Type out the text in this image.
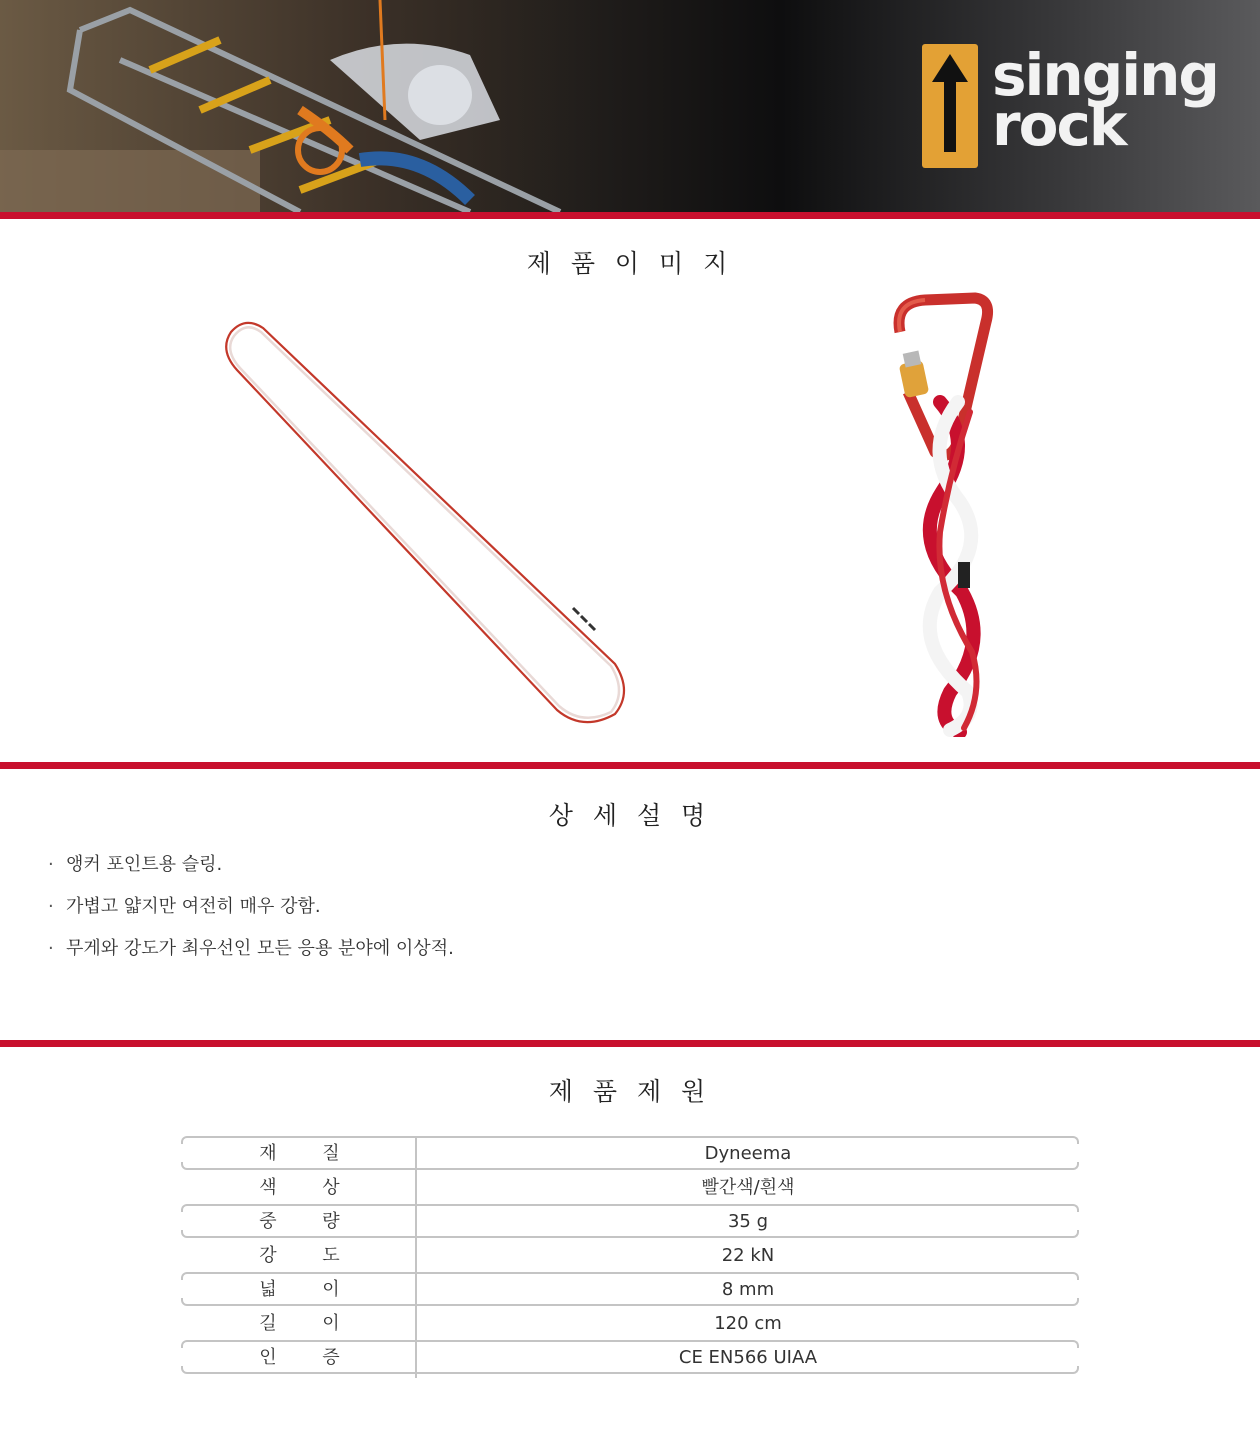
singing
rock
제 품 이 미 지
상 세 설 명
· 앵커 포인트용 슬링.
· 가볍고 얇지만 여전히 매우 강함.
· 무게와 강도가 최우선인 모든 응용 분야에 이상적.
제 품 제 원
재	질	Dyneema
색	상	빨간색/흰색
중	량	35 g
강	도	22 kN
넓	이	8 mm
길	이	120 cm
인	증	CE EN566 UIAA
